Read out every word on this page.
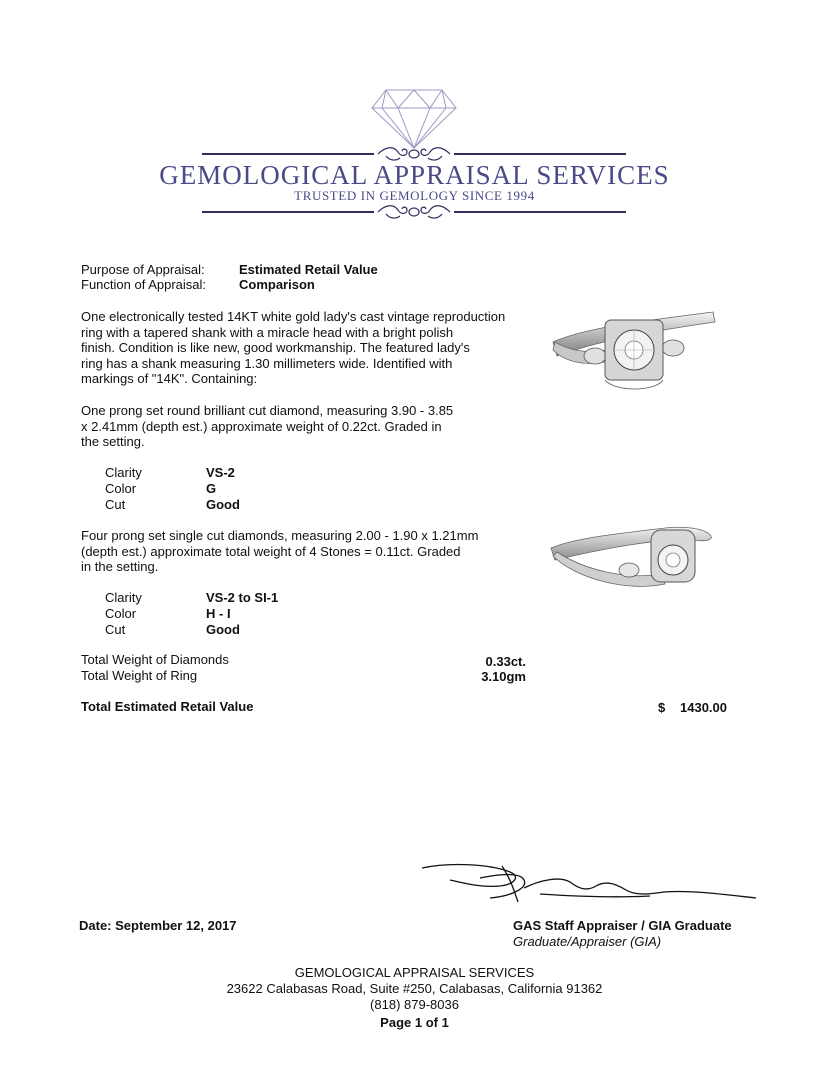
GEMOLOGICAL APPRAISAL SERVICES
TRUSTED IN GEMOLOGY SINCE 1994
Purpose of Appraisal:	Estimated Retail Value
Function of Appraisal:	Comparison
One electronically tested 14KT white gold lady's cast vintage reproduction
ring with a tapered shank with a miracle head with a bright polish
finish. Condition is like new, good workmanship. The featured lady's
ring has a shank measuring 1.30 millimeters wide. Identified with
markings of "14K". Containing:
One prong set round brilliant cut diamond, measuring 3.90 - 3.85
x 2.41mm (depth est.) approximate weight of 0.22ct. Graded in
the setting.
Clarity	VS-2
Color	G
Cut	Good
Four prong set single cut diamonds, measuring 2.00 - 1.90 x 1.21mm
(depth est.) approximate total weight of 4 Stones = 0.11ct. Graded
in the setting.
Clarity	VS-2 to SI-1
Color	H - I
Cut	Good
Total Weight of Diamonds	0.33ct.
Total Weight of Ring	3.10gm
Total Estimated Retail Value	$ 1430.00
Date: September 12, 2017	GAS Staff Appraiser / GIA Graduate
Graduate/Appraiser (GIA)
GEMOLOGICAL APPRAISAL SERVICES
23622 Calabasas Road, Suite #250, Calabasas, California 91362
(818) 879-8036
Page 1 of 1
